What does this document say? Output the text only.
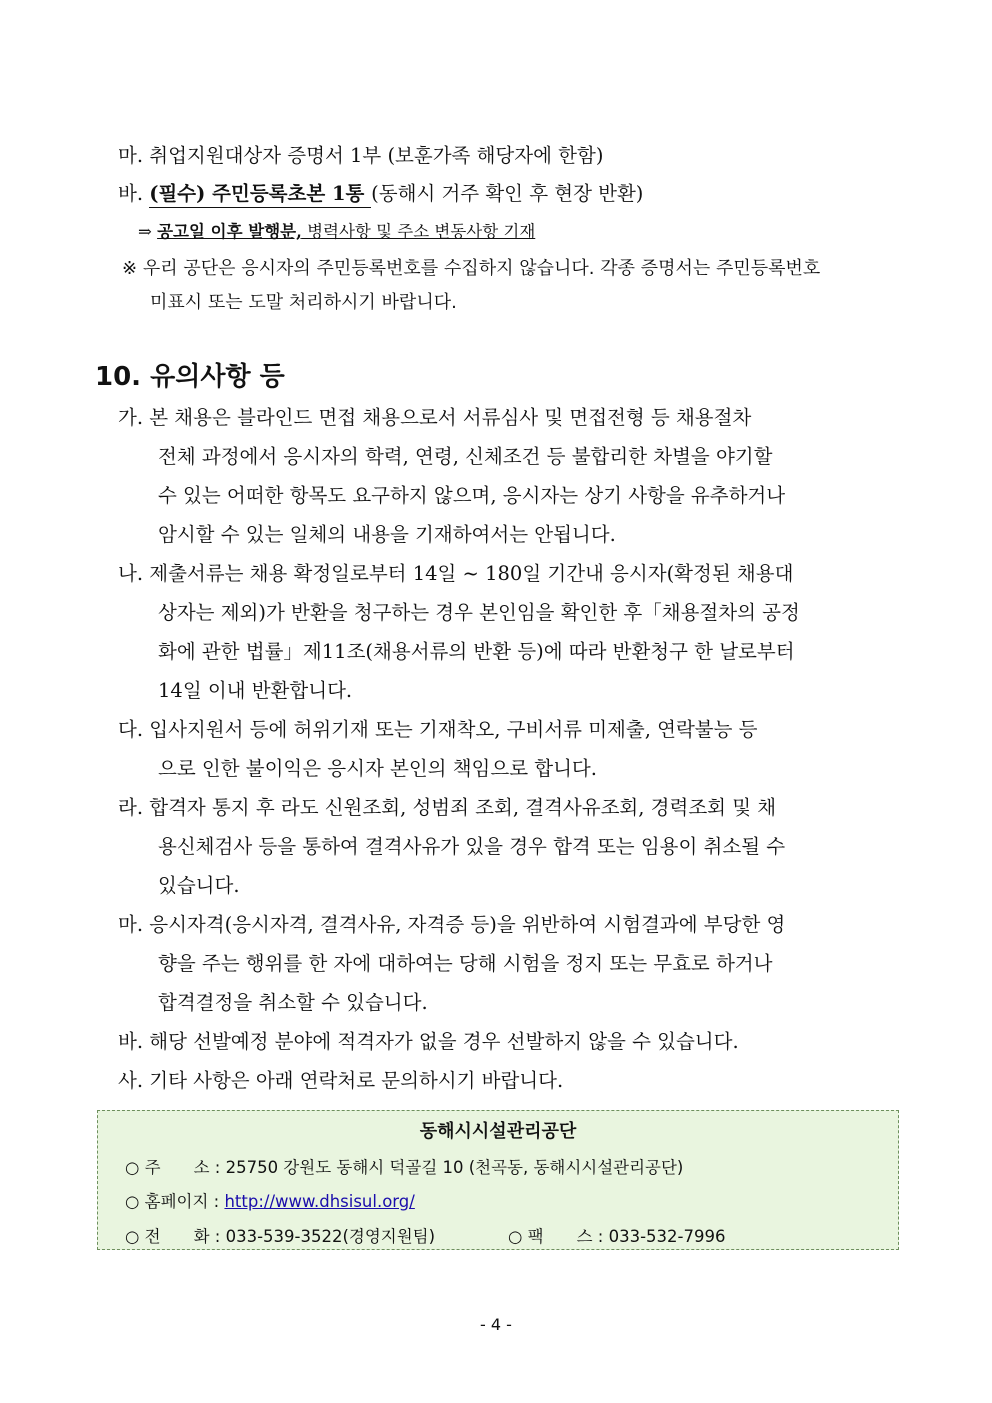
마. 취업지원대상자 증명서 1부 (보훈가족 해당자에 한함)
바. (필수) 주민등록초본 1통 (동해시 거주 확인 후 현장 반환)
⇒ 공고일 이후 발행분, 병력사항 및 주소 변동사항 기재
※ 우리 공단은 응시자의 주민등록번호를 수집하지 않습니다. 각종 증명서는 주민등록번호
미표시 또는 도말 처리하시기 바랍니다.
10. 유의사항 등
가. 본 채용은 블라인드 면접 채용으로서 서류심사 및 면접전형 등 채용절차
전체 과정에서 응시자의 학력, 연령, 신체조건 등 불합리한 차별을 야기할
수 있는 어떠한 항목도 요구하지 않으며, 응시자는 상기 사항을 유추하거나
암시할 수 있는 일체의 내용을 기재하여서는 안됩니다.
나. 제출서류는 채용 확정일로부터 14일 ~ 180일 기간내 응시자(확정된 채용대
상자는 제외)가 반환을 청구하는 경우 본인임을 확인한 후「채용절차의 공정
화에 관한 법률」제11조(채용서류의 반환 등)에 따라 반환청구 한 날로부터
14일 이내 반환합니다.
다. 입사지원서 등에 허위기재 또는 기재착오, 구비서류 미제출, 연락불능 등
으로 인한 불이익은 응시자 본인의 책임으로 합니다.
라. 합격자 통지 후 라도 신원조회, 성범죄 조회, 결격사유조회, 경력조회 및 채
용신체검사 등을 통하여 결격사유가 있을 경우 합격 또는 임용이 취소될 수
있습니다.
마. 응시자격(응시자격, 결격사유, 자격증 등)을 위반하여 시험결과에 부당한 영
향을 주는 행위를 한 자에 대하여는 당해 시험을 정지 또는 무효로 하거나
합격결정을 취소할 수 있습니다.
바. 해당 선발예정 분야에 적격자가 없을 경우 선발하지 않을 수 있습니다.
사. 기타 사항은 아래 연락처로 문의하시기 바랍니다.
동해시시설관리공단
○ 주　　소 : 25750 강원도 동해시 덕골길 10 (천곡동, 동해시시설관리공단)
○ 홈페이지 : http://www.dhsisul.org/
○ 전　　화 : 033-539-3522(경영지원팀)	○ 팩　　스 : 033-532-7996
- 4 -
